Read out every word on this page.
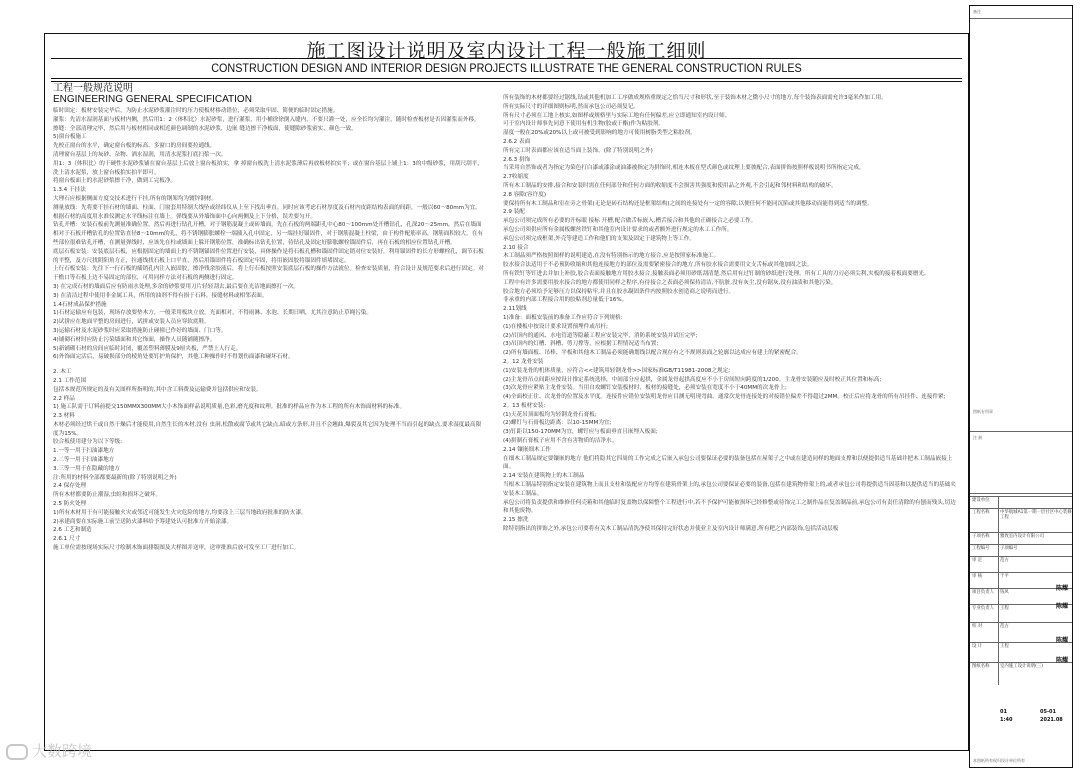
施工图设计说明及室内设计工程一般施工细则
CONSTRUCTION DESIGN AND INTERIOR DESIGN PROJECTS ILLUSTRATE THE GENERAL CONSTRUCTION RULES
工程一般规范说明
ENGINEERING GENERAL SPECIFICATION
临时固定：板材安装完毕后，为防止水泥砂浆灌注时的压力使板材移动错位，必须采取牢固、简便的临时固定措施。
灌浆：先清水湿润基面与板材内侧，然后用1：2（体积比）水泥砂浆，进行灌浆，用小桶徐徐倒入缝内，不要只灌一处，应全长均匀灌注，随时检查板材是否因灌浆而外移。
擦缝：全部清理完毕，然后用与板材相同或相近颜色调制的水泥砂浆，边嵌 缝边擦干净板面，使缝隙砂浆密实、颜色一致。
5)窗台板施工
先校正窗台的水平，确定窗台板的标高、多窗口的房间要拉通线。
清理窗台基层上的灰砂、杂物、洒水湿润，用清水泥浆打底扫浆一次。
用1：3（体积比）的干硬性水泥砂浆铺在窗台基层上后放上窗台板拍实，拿 掉窗台板洗上清水泥浆薄后再放板材拍实平；或在窗台基层上铺上1：3的中级砂浆，用刮尺刮平，洗上清水泥浆，放上窗台板拍实拍平即可。
将窗台板面上的水泥砂浆擦干净，做到工完板净。
1.3.4 干挂法
大理石应根据侧面方度交技术进行干挂,所有的钢架均为镀锌钢材。
测量放线：先将要干挂石材的墙面、柱面、门窗套用特制大线坠或经纬仪从上至下找出垂直。同时应该考虑石材厚度及石材内皮距结构表面的间距，一般以60～80mm为宜。根据石材的高度用水准仪测定水平线标注在墙上。弹线要从外墙饰面中心向两侧及上下分格，误差要匀开。
钻孔开槽：安装石板前先测量准确位置，然后再进行钻孔开槽，对于钢筋混凝土或砖墙面，先在石板的两端距孔中心80～100mm处开槽钻孔，孔深20～25mm，然后在墙面相对于石板开槽钻孔的位置钻直径8～10mm的孔，将不锈钢膨胀螺栓一端插入孔中固定，另一端挂好锚固件，对于钢筋混凝土柱梁，由于构件配筋率高，钢筋面积较大，在有些部位很难钻孔开槽，在测量弹线时，应该先在柱或墙面上躲开钢筋位置，准确标出钻孔位置，待钻孔及固定好膨胀螺栓锚固件后，再在石板的相应位置钻孔开槽。
底层石板安装：安装底层石板，应根据固定的墙面上的不锈钢锚固件位置进行安装，具体操作是将石板孔槽和锚固件固定销对位安装好，利用锚固件的长方形螺栓孔，调节石板的平整，及方尺找阴阳角方正，拉通线找石板上口平直，然后用锚固件将石板固定牢固，将用嵌固胶将锚固件填堵固定。
上行石板安装：先往下一行石板的插销孔内注入嵌固胶，擦净残余胶液后，将上行石板按照安装底层石板的操作方法就位。检查安装质量，符合设计及规范要求后进行固定。对于檐口等石板上边不易固定的部位，可用同样方法对石板的两侧进行固定。
3) 在完成石材的墙面后应有防雨水处理,多余的砂浆要用刀片轻轻刮去,最后要在光洁地面擦打一次。
3) 在清洁过程中使用非金属工具，所用的油剂不得有损于石料，接缝材料或相邻表面。
1.4石材成品保护措施
1)石材运输应有包装，现场存放要垫木方，一般采用板块立放，光面相对，不得雨淋、水泡、长期日晒，尤其注意防止草绳污染。
2)试拼应在地面平整的房间进行，试拼或安装人员应穿软底鞋。
3)运输石材及水泥砂浆时应采取措施防止碰撞已作好的墙面、门口等。
4)铺砌石材时应防止污染墙面和其它饰面，操作人员随铺随擦净。
5)新铺砌石材的房间应临时封闭，覆盖塑料薄膜及9厘夹板，严禁上人行走。
6)外饰面完活后，易破损部分的棱角处要钉护角保护，其他工种操作时不得划伤面漆和碰坏石材。
2. 木工
2.1 工作范围
包括本规范所规定的及有关图样所指明的,其中含工料费及运输费并包括供应和安装。
2.2 样品
1) 施工队需于订料前提交150MMX300MM大小木饰面样品说明质量,色彩,磨光度和纹理。批准的样品应作为本工程的所有木饰面材料的标准。
2.3 材料
木材必须经过烘干或自然干燥后才能使用,自然生长的木材,没有 虫洞,松散或腐节或其它缺点,暗或方条形,并且不会翘曲,爆裂及其它因为处理不当而引起的缺点,要求湿度最高限度为15%。
胶合板使用建分为以下等级:
1.一等一用于扫油漆地方
2.二等一用于扫油漆地方
3.三等一用于在隐藏的地方
注:所用的材料全部都要最新的(除了特别说明之外)
2.4 保存处理
所有木材都要防止潮湿,虫蛀和损坏之破坏。
2.5 防火处理
1)所有木材用于有可能接触火灾或邻近可能发生火灾危险的地方,均要涂上三层当地政府批准的防火漆。
2)承建商要在实际施工前呈送防火漆料给予筹建处认可批准方开始涂漆。
2.6 工艺和制造
2.6.1 尺寸
施工单位需按现场实际尺寸绘制木饰面排版图及大样图并送审，送审批准后放可发至工厂进行加工。
所有装饰的木材都要经过锯线,钻或其他机加工工序做成规格重规定之恰当尺寸和形状,至于装饰木材之微小尺寸的地方,每个装饰表面需允许3毫米作加工用。
所有实际尺寸的详细图则标明,然而承包公司必须复记。
所有尺寸必须在工地上核实,如图样或规格里与实际工地有任何偏差,应立即通知室内设计师。
可于室内设计师事先同意下使用有机生物(胶或干酯)作为粘胶剂。
湿度一般在20%或20%以上或可被受到影响的地方可使用树脂类型之粘胶剂。
2.6.2 表面
所有完工时表面都应该在适当面上装饰。(除了特别说明之外)
2.6.3 拼饰
当采用自然饰或者为指定为染色打白漆或漆涂或油漆被指定为拼饰时,相连木板在型式颜色或纹理上要彼配合,表面拼饰按照样板说明书所指定完成。
2.7收缩度
所有木工制品的安排,接合和安装时需在任何部分和任何方面的收缩度不会损害其强度和使用品之外观,不会引起和邻材料和结构的破坏。
2.8 容隙(容许度)
要保持所有木工制品和室在旁之骨架(无论是砖石结构还是框架结构)之间的连接处有一定的容隙,以便任何不能同沉陷或其他移动而能得到适当的调整。
2.9 装配
承包公司须完成所有必要的开标眼 接标 开槽,配合做舌标嵌入,槽舌接合和其他的正确接合之必要工作。
承包公司须供应所有金属板螺丝铁钉和其他室内设计要求的或者额外进行规定的木工工作所。
承包公司须完成框架,外壳等建造工作和他们的支架及固定于建筑物上等工作。
2.10 接合
木工制品须严格按照图样的说明建造,在没有特别指示的地方接合,应是按照家标准施工。
胶水接合法适用于不必预防收缩和其他连接地方的部位及需要紧密接合的地方,所有胶水接合需要用文支舌标或其他加固之法。
所有铁钉等钉进去并加上补胶,胶合表面接触地方用胶水接合,接触表面必须用砂纸刮清楚,然后用有过钉制的砂纸进行处理。所有工具的刀刃必须尖利,夹板的接着板面要磨光。
工程中有许多需要用胶水接合的地方都使用同样之程序,有待接合之表面必须保持清洁,不肮脏,没有灰尘,没有锯灰,没有油渍和其他污染。
胶合地方必须给予足够压力以保持粘牢,并且在胶水凝固条件内按照胶水创造商之说明而进行。
非承重的内部工程接合用的胶粘剂总量低于16%。
2.11划线
1)准备：面板安装前的准备工作应符合下列规格:
(1)在楼板中按设计要求设置预埋件或吊杆;
(2)吊顶内的通风、水电管道等隐蔽工程应安装完毕，消防系统安装并试压完毕;
(3)吊顶内的灯槽、斜槽、剪刀撑等，应根据工程情况适当布置;
(2)所有墙面板、吊棒、平板和其他木工制品必须能确划线以配合现存有之不规则表面之轮廓以达成应有建上的紧密配合。
2。12 龙骨安装
(1)安装龙骨的机体质量，应符合<<建筑用轻钢龙骨>>国家标准GB/T11981-2008之规定;
(2)主龙骨吊点间距应按设计推定系统选择，中间部分应起拱，金属龙骨起拱高度应不小于房间短向跨度的1/200。主龙骨安装随应及时校正其位置和标高;
(3)次龙骨应紧贴主龙骨安装。当用自攻螺钉安装板材时，板材的接缝处，必须安装在宽度不小于40MM的次龙骨上;
(4)全面校正住、次龙骨的位置及水平度。连接件应错位安装明龙骨应目测无明现弯曲。通常次龙骨连接处的对接错位偏差不得超过2MM。校正后应将龙骨的所有吊挂件、连接件紧;
2。13 板材安装:
(1)天花吊顶面板均为轻钢龙骨石膏板;
(2)螺钉与石膏板边距离：以10-15MM为宜;
(3)钉距以150-170MM为宜，螺钉应与板面垂直且嵌埋入板面;
(4)拼制石膏板子应用不含有害物质的洁净水。
2.14 镶嵌细木工作
在细木工制品规定要镶嵌的地方 他们将隐其它四周的工作完成之后嵌入承包公司要保证必要的装备包括在屋架子之中或在建造同样的地面支撑和以便提供适当基础并把木工制品嵌接上面。
2.14 安装在建筑物上的木工制品
当根木工制品特别指定安装在建筑物上而且支柱和装配应方均等在建筑骨架上的,承包公司要保证必要的装备,包括在建筑物骨架上的,或者承包公司将提供适当固基和以提供适当的基础夹安装木工制品。
承包公司将负责提供和维修任何壳箱和其他临时复盖物以保障整个工程进行中,若不予保护可能被损坏已经修整或待饰完工之制作品在复盖制品前,承包公司有责任清除的有刨而残头,切边和其他废物。
2.15 擦洗
除特别指出的拼饰之外,承包公司要将有关木工制品清洗净使其保持完好状态并使业主及室内设计师满意,所有粑之内部装饰,包括活动层板
备注
图纸专用章
注 册
建设单位
工程名称 中华航城A1第一期一层社区中心装修工程
子项名称 雅致室内设计有限公司
工程编号 子项编号
审 定	范古
审 核	于平
项目负责人 钱风
专业负责人 王程
校 对	范古
设 计	王程
图纸名称 室内施工设计说明(三)
陈耀
陈耀
陈耀
陈耀
01
1:40	2021.08
05-01
本图纸所有权归设计单位所有
大数跨境
